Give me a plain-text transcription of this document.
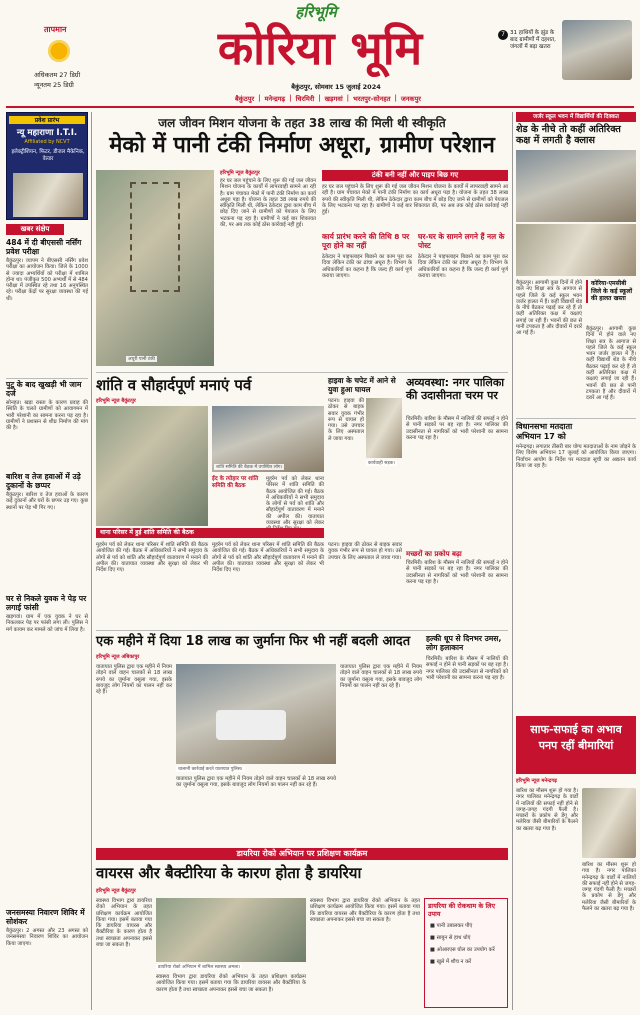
तापमान
अधिकतम 27 डिग्री
न्यूनतम 25 डिग्री
हरिभूमि
कोरिया भूमि
बैकुंठपुर, सोमवार 15 जुलाई 2024
7 31 हाथियों के झुंड के बाद ग्रामीणों में दहशत, जंगलों में बढ़ा खतरा
बैकुंठपुर | मनेन्द्रगढ़ | चिरमिरी | खड़गवां | भरतपुर-सोनहत | जनकपुर
प्रवेश प्रारंभ
न्यू महाराणा I.T.I.
Affiliated by NCVT
इलेक्ट्रीशियन, फिटर, डीजल मैकेनिक, वेल्डर
खबर संक्षेप
484 में दी बीएससी नर्सिंग प्रवेश परीक्षा
बैकुंठपुर। व्यापम ने बीएससी नर्सिंग प्रवेश परीक्षा का आयोजन किया। जिले के 1000 से ज्यादा अभ्यर्थियों को परीक्षा में शामिल होना था। पंजीकृत 500 अभ्यर्थी में से 484 परीक्षा में उपस्थित रहे तथा 16 अनुपस्थित रहे। परीक्षा केंद्रों पर सुरक्षा व्यवस्था की गई थी।
पुटू के बाद खुखड़ी भी जाम दर्ज
सोनहत। खड़ा रास्ता के कारण प्रवाह की स्थिति के चलते ग्रामीणों को आवागमन में भारी परेशानी का सामना करना पड़ रहा है। ग्रामीणों ने प्रशासन से शीघ्र निर्माण की मांग की है।
बारिश व तेज हवाओं में उड़े दुकानों के छप्पर
बैकुंठपुर। बारिश व तेज हवाओं के कारण कई दुकानों और घरों के छप्पर उड़ गए। कुछ स्थानों पर पेड़ भी गिर गए।
घर से निकले युवक ने पेड़ पर लगाई फांसी
खड़गवां। ग्राम में एक युवक ने घर से निकलकर पेड़ पर फांसी लगा ली। पुलिस ने मर्ग कायम कर मामले को जांच में लिया है।
जनसमस्या निवारण शिविर में सोशंकर
बैकुंठपुर। 2 अगस्त और 23 अगस्त को जनसमस्या निवारण शिविर का आयोजन किया जाएगा।
जल जीवन मिशन योजना के तहत 38 लाख की मिली थी स्वीकृति
मेको में पानी टंकी निर्माण अधूरा, ग्रामीण परेशान
अधूरी पानी टंकी
हरिभूमि न्यूज बैकुंठपुर
हर घर जल पहुंचाने के लिए शुरू की गई जल जीवन मिशन योजना के कार्यों में लापरवाही सामने आ रही है। ग्राम पंचायत मेको में पानी टंकी निर्माण का कार्य अधूरा पड़ा है। योजना के तहत 38 लाख रुपये की स्वीकृति मिली थी, लेकिन ठेकेदार द्वारा काम बीच में छोड़ दिए जाने से ग्रामीणों को पेयजल के लिए भटकना पड़ रहा है। ग्रामीणों ने कई बार शिकायत की, पर अब तक कोई ठोस कार्रवाई नहीं हुई।
टंकी बनी नहीं और पाइप बिछ गए
हर घर जल पहुंचाने के लिए शुरू की गई जल जीवन मिशन योजना के कार्यों में लापरवाही सामने आ रही है। ग्राम पंचायत मेको में पानी टंकी निर्माण का कार्य अधूरा पड़ा है। योजना के तहत 38 लाख रुपये की स्वीकृति मिली थी, लेकिन ठेकेदार द्वारा काम बीच में छोड़ दिए जाने से ग्रामीणों को पेयजल के लिए भटकना पड़ रहा है। ग्रामीणों ने कई बार शिकायत की, पर अब तक कोई ठोस कार्रवाई नहीं हुई।
कार्य प्रारंभ करने की तिथि 8 पर पूरा होने का नहीं
घर-घर के सामने लगने हैं नल के पोस्ट
ठेकेदार ने पाइपलाइन बिछाने का काम पूरा कर दिया लेकिन टंकी का ढांचा अधूरा है। विभाग के अधिकारियों का कहना है कि जल्द ही कार्य पूर्ण कराया जाएगा।
ठेकेदार ने पाइपलाइन बिछाने का काम पूरा कर दिया लेकिन टंकी का ढांचा अधूरा है। विभाग के अधिकारियों का कहना है कि जल्द ही कार्य पूर्ण कराया जाएगा।
जर्जर स्कूल भवन में विद्यार्थियों की दिक्कत
शेड के नीचे तो कहीं अतिरिक्त कक्ष में लगती है क्लास
बैकुंठपुर। आगामी कुछ दिनों में होने वाले नए शिक्षा सत्र के आगाज से पहले जिले के कई स्कूल भवन जर्जर हालत में हैं। कहीं विद्यार्थी शेड के नीचे बैठकर पढ़ाई कर रहे हैं तो कहीं अतिरिक्त कक्ष में कक्षाएं लगाई जा रही हैं। भवनों की छत से पानी टपकता है और दीवारों में दरारें आ गई हैं।
कोरिया-एमसीबी जिले के कई स्कूलों की हालत खस्ता
बैकुंठपुर। आगामी कुछ दिनों में होने वाले नए शिक्षा सत्र के आगाज से पहले जिले के कई स्कूल भवन जर्जर हालत में हैं। कहीं विद्यार्थी शेड के नीचे बैठकर पढ़ाई कर रहे हैं तो कहीं अतिरिक्त कक्ष में कक्षाएं लगाई जा रही हैं। भवनों की छत से पानी टपकता है और दीवारों में दरारें आ गई हैं।
विधानसभा मतदाता
अभियान 17 को
मनेन्द्रगढ़। लगातार तीसरी बार योग्य मतदाताओं के नाम जोड़ने के लिए विशेष अभियान 17 जुलाई को आयोजित किया जाएगा। निर्वाचन आयोग के निर्देश पर मतदाता सूची का अद्यतन कार्य किया जा रहा है।
साफ-सफाई का अभाव पनप रहीं बीमारियां
हरिभूमि न्यूज मनेन्द्रगढ़
बारिश का मौसम शुरू हो गया है। नगर पालिका मनेन्द्रगढ़ के वार्डों में नालियों की सफाई नहीं होने से जगह-जगह गंदगी फैली है। मच्छरों के प्रकोप से डेंगू और मलेरिया जैसी बीमारियों के फैलने का खतरा बढ़ गया है।
बारिश का मौसम शुरू हो गया है। नगर पालिका मनेन्द्रगढ़ के वार्डों में नालियों की सफाई नहीं होने से जगह-जगह गंदगी फैली है। मच्छरों के प्रकोप से डेंगू और मलेरिया जैसी बीमारियों के फैलने का खतरा बढ़ गया है।
शांति व सौहार्दपूर्ण मनाएं पर्व
हरिभूमि न्यूज बैकुंठपुर
शांति समिति की बैठक में उपस्थित लोग।
ईद के त्योहार पर शांति समिति की बैठक
मुहर्रम पर्व को लेकर थाना परिसर में शांति समिति की बैठक आयोजित की गई। बैठक में अधिकारियों ने सभी समुदाय के लोगों से पर्व को शांति और सौहार्दपूर्ण वातावरण में मनाने की अपील की। यातायात व्यवस्था और सुरक्षा को लेकर
थाना परिसर में हुई शांति समिति की बैठक
मुहर्रम पर्व को लेकर थाना परिसर में शांति समिति की बैठक आयोजित की गई। बैठक में अधिकारियों ने सभी समुदाय के लोगों से पर्व को शांति और सौहार्दपूर्ण वातावरण में मनाने की अपील की। यातायात व्यवस्था और सुरक्षा को लेकर भी निर्देश दिए गए।
मुहर्रम पर्व को लेकर थाना परिसर में शांति समिति की बैठक आयोजित की गई। बैठक में अधिकारियों ने सभी समुदाय के लोगों से पर्व को शांति और सौहार्दपूर्ण वातावरण में मनाने की अपील की। यातायात व्यवस्था और सुरक्षा को लेकर भी निर्देश दिए गए।
हाइवा के चपेट में आने से युवा हुआ घायल
पटना। हाइवा की ठोकर से बाइक सवार युवक गंभीर रूप से घायल हो गया। उसे उपचार के लिए अस्पताल ले जाया गया।
कार्यवाही सड़क।
पटना। हाइवा की ठोकर से बाइक सवार युवक गंभीर रूप से घायल हो गया। उसे उपचार के लिए अस्पताल ले जाया गया।
अव्यवस्था: नगर पालिका की उदासीनता चरम पर
चिरमिरी। बारिश के मौसम में नालियों की सफाई न होने से पानी सड़कों पर बह रहा है। नगर पालिका की उदासीनता से नागरिकों को भारी परेशानी का सामना करना पड़ रहा है।
मच्छरों का प्रकोप बढ़ा
चिरमिरी। बारिश के मौसम में नालियों की सफाई न होने से पानी सड़कों पर बह रहा है। नगर पालिका की उदासीनता से नागरिकों को भारी परेशानी का सामना करना पड़ रहा है।
एक महीने में दिया 18 लाख का जुर्माना फिर भी नहीं बदली आदत
हरिभूमि न्यूज अंबिकापुर
यातायात पुलिस द्वारा एक महीने में नियम तोड़ने वाले वाहन चालकों से 18 लाख रुपये का जुर्माना वसूला गया, इसके बावजूद लोग नियमों का पालन नहीं कर रहे हैं।
चालानी कार्रवाई करते यातायात पुलिस।
यातायात पुलिस द्वारा एक महीने में नियम तोड़ने वाले वाहन चालकों से 18 लाख रुपये का जुर्माना वसूला गया, इसके बावजूद लोग नियमों का पालन नहीं कर रहे हैं।
यातायात पुलिस द्वारा एक महीने में नियम तोड़ने वाले वाहन चालकों से 18 लाख रुपये का जुर्माना वसूला गया, इसके बावजूद लोग नियमों का पालन नहीं कर रहे हैं।
हल्की धूप से दिनभर उमस, लोग हलाकान
चिरमिरी। बारिश के मौसम में नालियों की सफाई न होने से पानी सड़कों पर बह रहा है। नगर पालिका की उदासीनता से नागरिकों को भारी परेशानी का सामना करना पड़ रहा है।
डायरिया रोको अभियान पर प्रशिक्षण कार्यक्रम
वायरस और बैक्टीरिया के कारण होता है डायरिया
हरिभूमि न्यूज बैकुंठपुर
स्वास्थ्य विभाग द्वारा डायरिया रोको अभियान के तहत प्रशिक्षण कार्यक्रम आयोजित किया गया। इसमें बताया गया कि डायरिया वायरस और बैक्टीरिया के कारण होता है तथा स्वच्छता अपनाकर इससे बचा जा सकता है।
डायरिया रोको अभियान में शामिल स्वास्थ्य अमला।
स्वास्थ्य विभाग द्वारा डायरिया रोको अभियान के तहत प्रशिक्षण कार्यक्रम आयोजित किया गया। इसमें बताया गया कि डायरिया वायरस और बैक्टीरिया के कारण होता है तथा स्वच्छता अपनाकर इससे बचा जा सकता है।
स्वास्थ्य विभाग द्वारा डायरिया रोको अभियान के तहत प्रशिक्षण कार्यक्रम आयोजित किया गया। इसमें बताया गया कि डायरिया वायरस और बैक्टीरिया के कारण होता है तथा स्वच्छता अपनाकर इससे बचा जा सकता है।
डायरिया की रोकथाम के लिए उपाय
■ पानी उबालकर पीएं
■ साबुन से हाथ धोएं
■ ओआरएस घोल का उपयोग करें
■ खुले में शौच न करें
